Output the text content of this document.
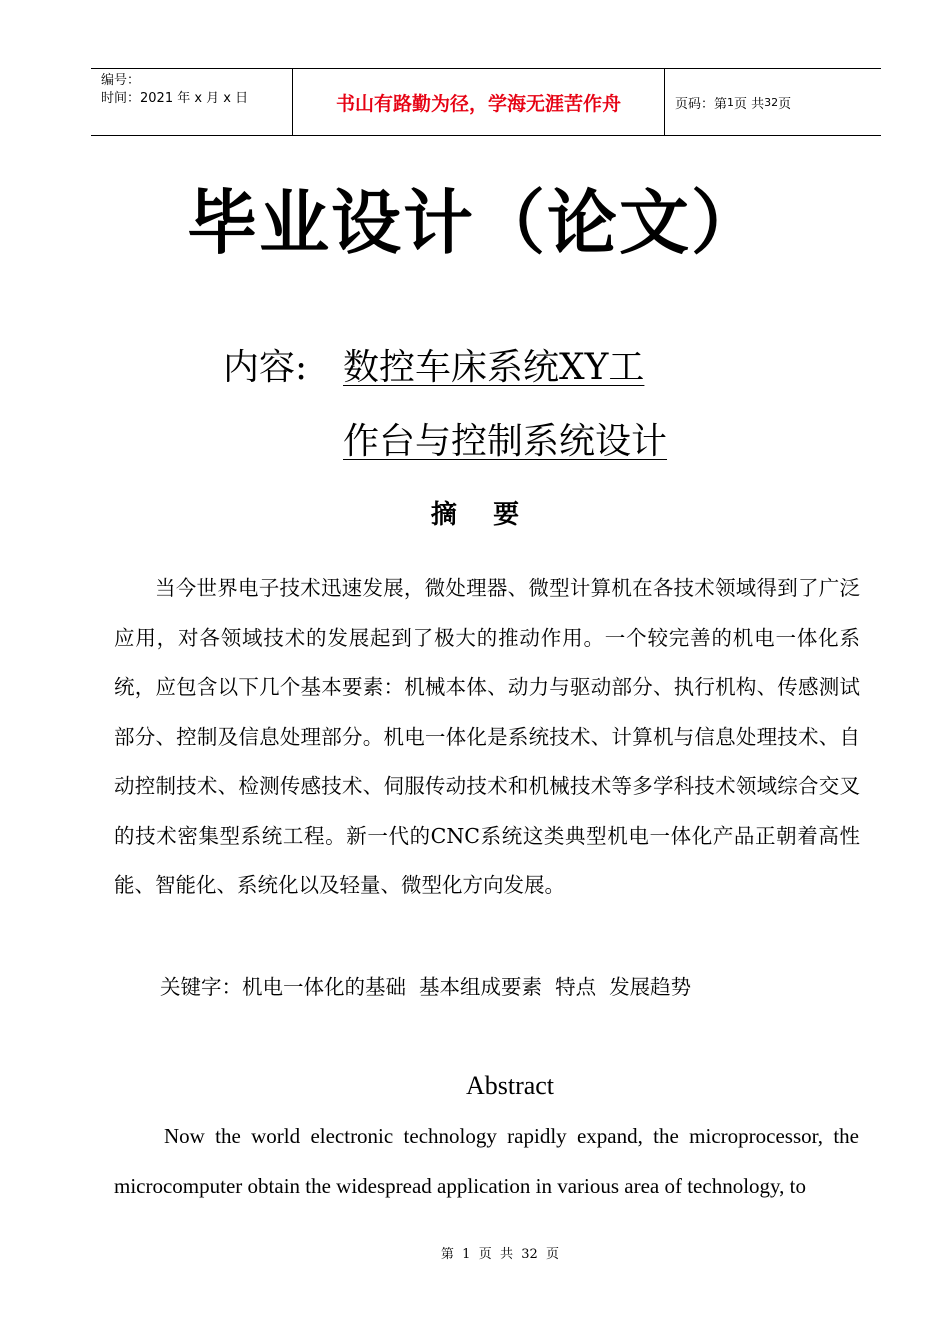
编号：
时间：2021 年 x 月 x 日	书山有路勤为径，学海无涯苦作舟	页码：第 1 页 共 32 页
毕业设计（论文）
内容: 数控车床系统XY工
作台与控制系统设计
摘    要
当今世界电子技术迅速发展，微处理器、微型计算机在各技术领域得到了广泛应用，对各领域技术的发展起到了极大的推动作用。一个较完善的机电一体化系统，应包含以下几个基本要素：机械本体、动力与驱动部分、执行机构、传感测试部分、控制及信息处理部分。机电一体化是系统技术、计算机与信息处理技术、自动控制技术、检测传感技术、伺服传动技术和机械技术等多学科技术领域综合交叉的技术密集型系统工程。新一代的CNC系统这类典型机电一体化产品正朝着高性能、智能化、系统化以及轻量、微型化方向发展。
关键字：机电一体化的基础  基本组成要素  特点  发展趋势
Abstract
Now the world electronic technology rapidly expand, the microprocessor, the microcomputer obtain the widespread application in various area of technology, to
第  1  页  共  32  页
